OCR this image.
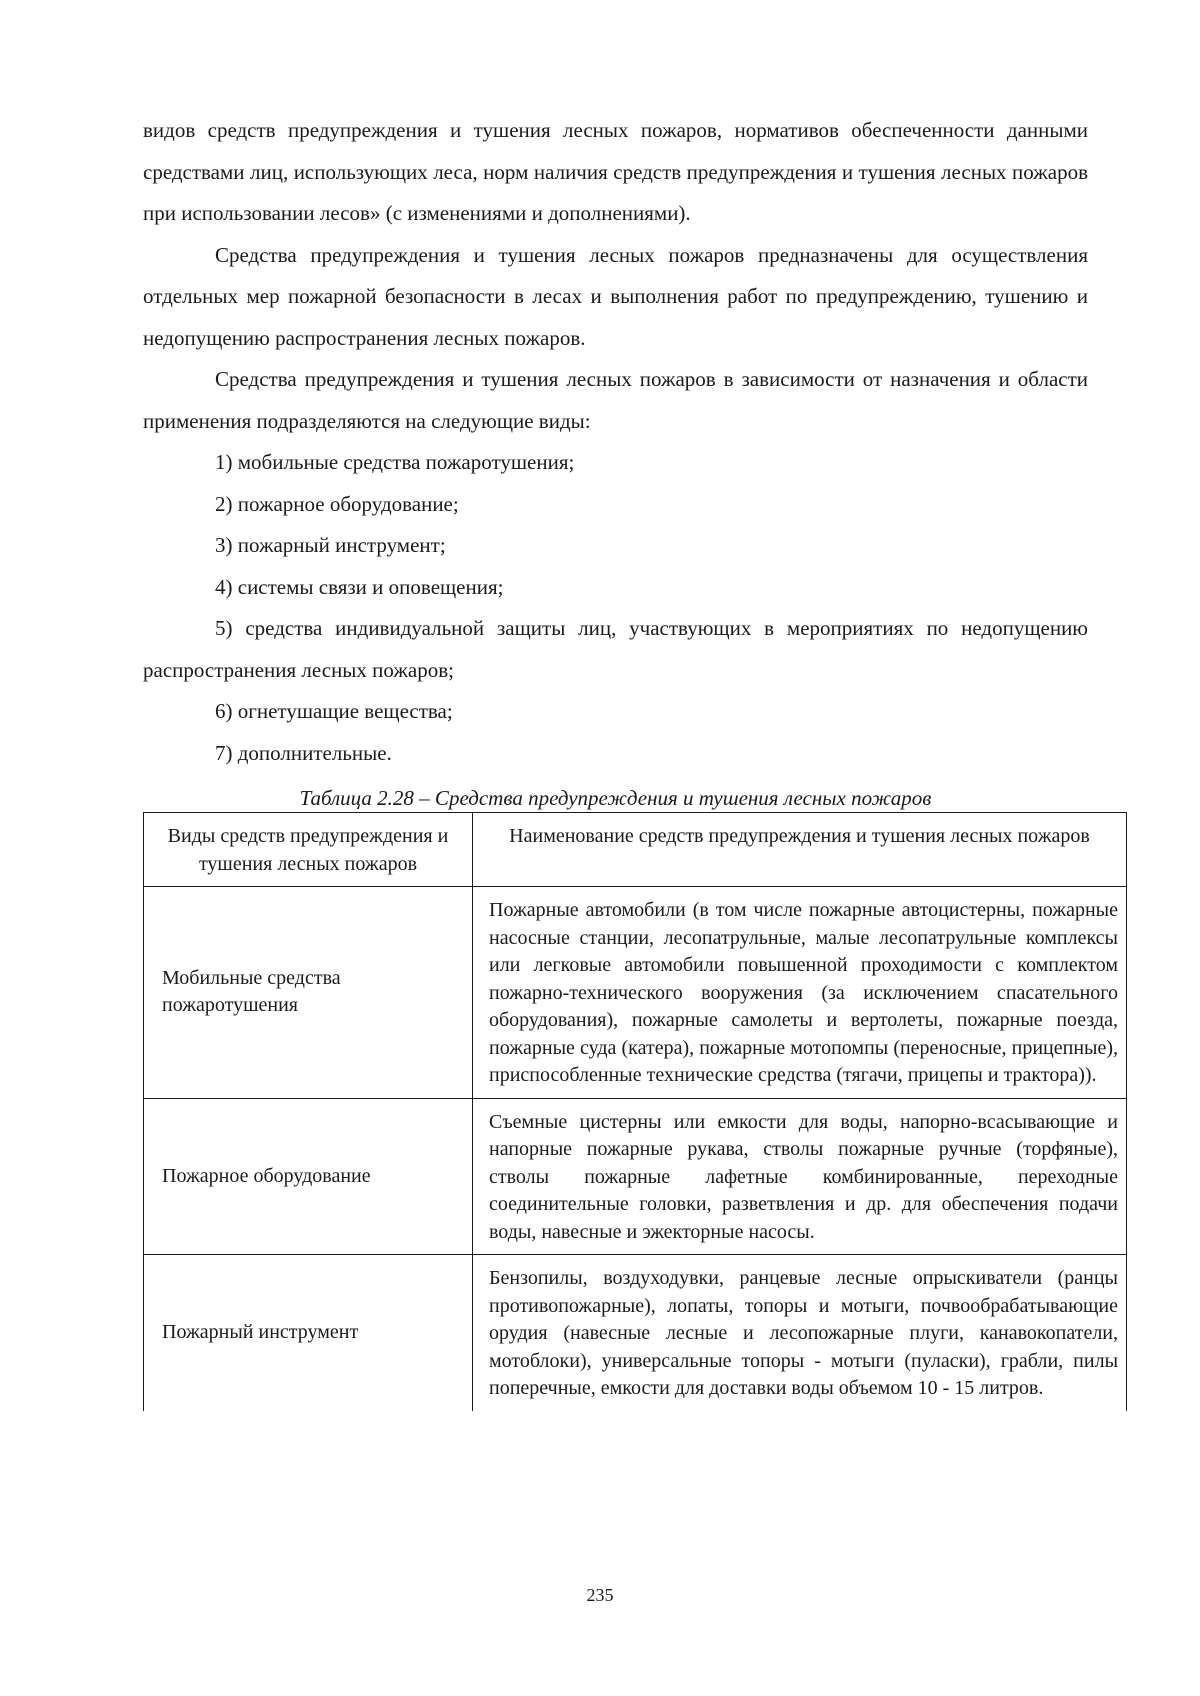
видов средств предупреждения и тушения лесных пожаров, нормативов обеспеченности данными средствами лиц, использующих леса, норм наличия средств предупреждения и тушения лесных пожаров при использовании лесов» (с изменениями и дополнениями).

Средства предупреждения и тушения лесных пожаров предназначены для осуществления отдельных мер пожарной безопасности в лесах и выполнения работ по предупреждению, тушению и недопущению распространения лесных пожаров.

Средства предупреждения и тушения лесных пожаров в зависимости от назначения и области применения подразделяются на следующие виды:

1) мобильные средства пожаротушения;

2) пожарное оборудование;

3) пожарный инструмент;

4) системы связи и оповещения;

5) средства индивидуальной защиты лиц, участвующих в мероприятиях по недопущению распространения лесных пожаров;

6) огнетушащие вещества;

7) дополнительные.

Таблица 2.28 – Средства предупреждения и тушения лесных пожаров
Виды средств предупреждения и тушения лесных пожаров	Наименование средств предупреждения и тушения лесных пожаров
Мобильные средства пожаротушения	Пожарные автомобили (в том числе пожарные автоцистерны, пожарные насосные станции, лесопатрульные, малые лесопатрульные комплексы или легковые автомобили повышенной проходимости с комплектом пожарно-технического вооружения (за исключением спасательного оборудования), пожарные самолеты и вертолеты, пожарные поезда, пожарные суда (катера), пожарные мотопомпы (переносные, прицепные), приспособленные технические средства (тягачи, прицепы и трактора)).
Пожарное оборудование	Съемные цистерны или емкости для воды, напорно-всасывающие и напорные пожарные рукава, стволы пожарные ручные (торфяные), стволы пожарные лафетные комбинированные, переходные соединительные головки, разветвления и др. для обеспечения подачи воды, навесные и эжекторные насосы.
Пожарный инструмент	Бензопилы, воздуходувки, ранцевые лесные опрыскиватели (ранцы противопожарные), лопаты, топоры и мотыги, почвообрабатывающие орудия (навесные лесные и лесопожарные плуги, канавокопатели, мотоблоки), универсальные топоры - мотыги (пуласки), грабли, пилы поперечные, емкости для доставки воды объемом 10 - 15 литров.
235
